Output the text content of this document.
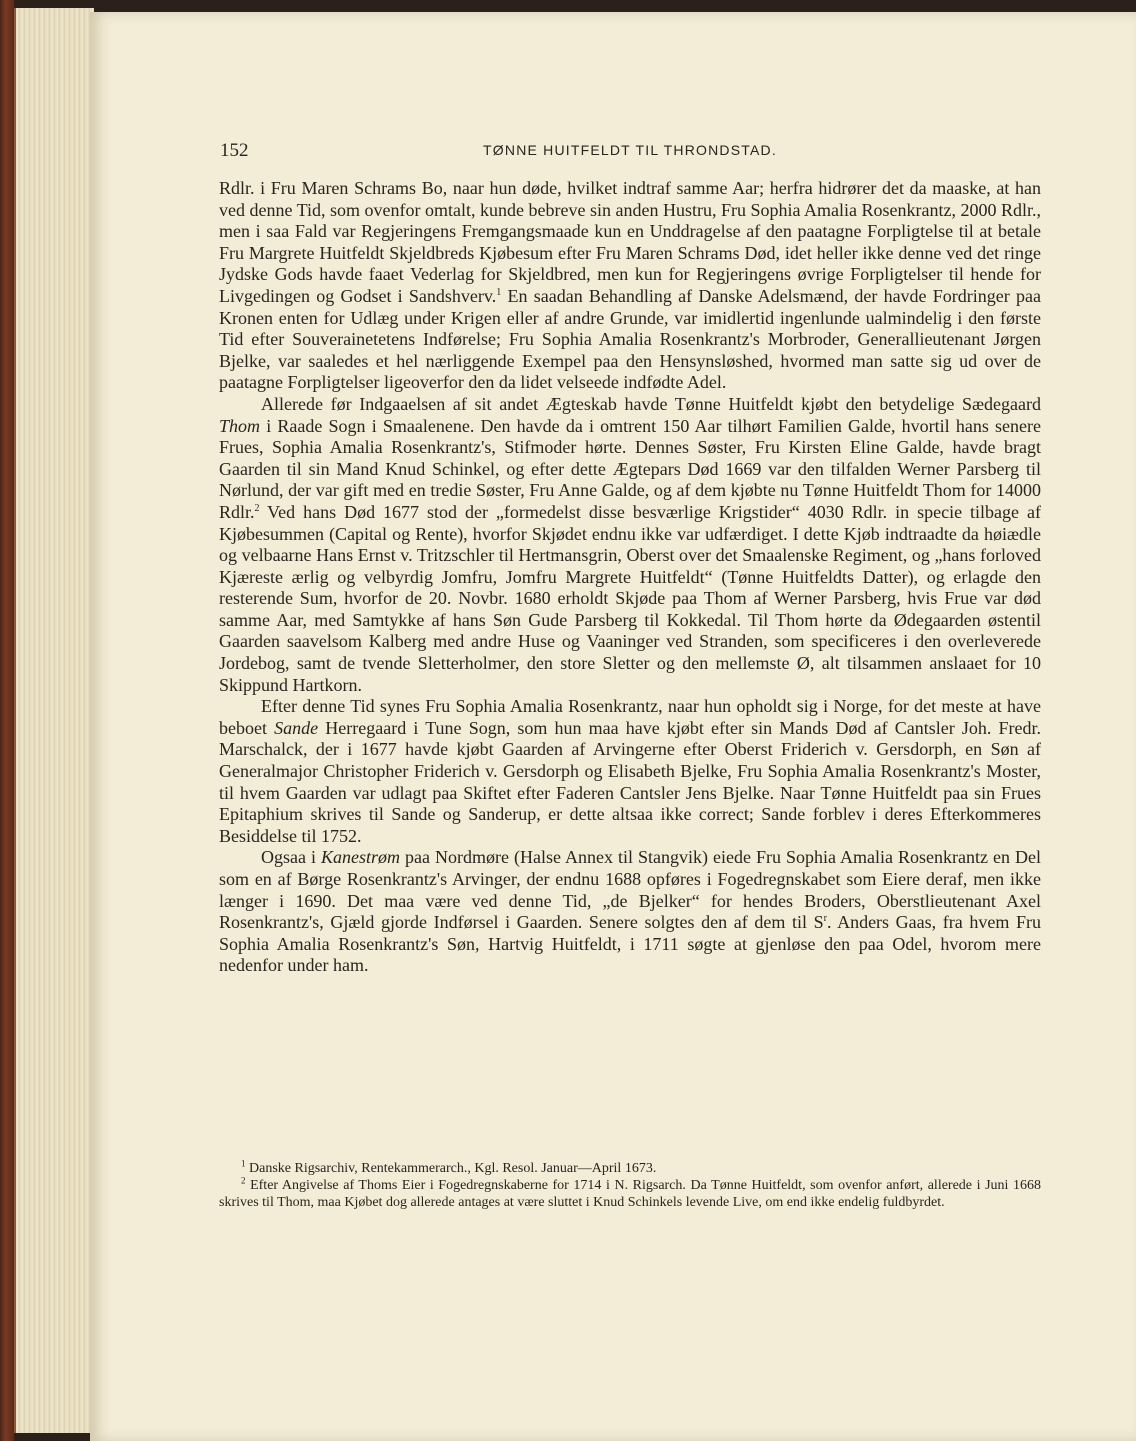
152	TØNNE HUITFELDT TIL THRONDSTAD.

Rdlr. i Fru Maren Schrams Bo, naar hun døde, hvilket indtraf samme Aar; herfra hidrører det da maaske, at han ved denne Tid, som ovenfor omtalt, kunde bebreve sin anden Hustru, Fru Sophia Amalia Rosenkrantz, 2000 Rdlr., men i saa Fald var Regjeringens Fremgangsmaade kun en Unddragelse af den paatagne Forpligtelse til at betale Fru Margrete Huitfeldt Skjeldbreds Kjøbesum efter Fru Maren Schrams Død, idet heller ikke denne ved det ringe Jydske Gods havde faaet Vederlag for Skjeldbred, men kun for Regjeringens øvrige Forpligtelser til hende for Livgedingen og Godset i Sandshverv.$^1$ En saadan Behandling af Danske Adelsmænd, der havde Fordringer paa Kronen enten for Udlæg under Krigen eller af andre Grunde, var imidlertid ingenlunde ualmindelig i den første Tid efter Souverainetetens Indførelse; Fru Sophia Amalia Rosenkrantz's Morbroder, Generallieutenant Jørgen Bjelke, var saaledes et hel nærliggende Exempel paa den Hensynsløshed, hvormed man satte sig ud over de paatagne Forpligtelser ligeoverfor den da lidet velseede indfødte Adel.

Allerede før Indgaaelsen af sit andet Ægteskab havde Tønne Huitfeldt kjøbt den betydelige Sædegaard Thom i Raade Sogn i Smaalenene. Den havde da i omtrent 150 Aar tilhørt Familien Galde, hvortil hans senere Frues, Sophia Amalia Rosenkrantz's, Stifmoder hørte. Dennes Søster, Fru Kirsten Eline Galde, havde bragt Gaarden til sin Mand Knud Schinkel, og efter dette Ægtepars Død 1669 var den tilfalden Werner Parsberg til Nørlund, der var gift med en tredie Søster, Fru Anne Galde, og af dem kjøbte nu Tønne Huitfeldt Thom for 14000 Rdlr.$^2$ Ved hans Død 1677 stod der „formedelst disse besværlige Krigstider“ 4030 Rdlr. in specie tilbage af Kjøbesummen (Capital og Rente), hvorfor Skjødet endnu ikke var udfærdiget. I dette Kjøb indtraadte da høiædle og velbaarne Hans Ernst v. Tritzschler til Hertmansgrin, Oberst over det Smaalenske Regiment, og „hans forloved Kjæreste ærlig og velbyrdig Jomfru, Jomfru Margrete Huitfeldt“ (Tønne Huitfeldts Datter), og erlagde den resterende Sum, hvorfor de 20. Novbr. 1680 erholdt Skjøde paa Thom af Werner Parsberg, hvis Frue var død samme Aar, med Samtykke af hans Søn Gude Parsberg til Kokkedal. Til Thom hørte da Ødegaarden østentil Gaarden saavelsom Kalberg med andre Huse og Vaaninger ved Stranden, som specificeres i den overleverede Jordebog, samt de tvende Sletterholmer, den store Sletter og den mellemste Ø, alt tilsammen anslaaet for 10 Skippund Hartkorn.

Efter denne Tid synes Fru Sophia Amalia Rosenkrantz, naar hun opholdt sig i Norge, for det meste at have beboet Sande Herregaard i Tune Sogn, som hun maa have kjøbt efter sin Mands Død af Cantsler Joh. Fredr. Marschalck, der i 1677 havde kjøbt Gaarden af Arvingerne efter Oberst Friderich v. Gersdorph, en Søn af Generalmajor Christopher Friderich v. Gersdorph og Elisabeth Bjelke, Fru Sophia Amalia Rosenkrantz's Moster, til hvem Gaarden var udlagt paa Skiftet efter Faderen Cantsler Jens Bjelke. Naar Tønne Huitfeldt paa sin Frues Epitaphium skrives til Sande og Sanderup, er dette altsaa ikke correct; Sande forblev i deres Efterkommeres Besiddelse til 1752.

Ogsaa i Kanestrøm paa Nordmøre (Halse Annex til Stangvik) eiede Fru Sophia Amalia Rosenkrantz en Del som en af Børge Rosenkrantz's Arvinger, der endnu 1688 opføres i Fogedregnskabet som Eiere deraf, men ikke længer i 1690. Det maa være ved denne Tid, „de Bjelker“ for hendes Broders, Oberstlieutenant Axel Rosenkrantz's, Gjæld gjorde Indførsel i Gaarden. Senere solgtes den af dem til $S^r$. Anders Gaas, fra hvem Fru Sophia Amalia Rosenkrantz's Søn, Hartvig Huitfeldt, i 1711 søgte at gjenløse den paa Odel, hvorom mere nedenfor under ham.

$^1$ Danske Rigsarchiv, Rentekammerarch., Kgl. Resol. Januar—April 1673.

$^2$ Efter Angivelse af Thoms Eier i Fogedregnskaberne for 1714 i N. Rigsarch. Da Tønne Huitfeldt, som ovenfor anført, allerede i Juni 1668 skrives til Thom, maa Kjøbet dog allerede antages at være sluttet i Knud Schinkels levende Live, om end ikke endelig fuldbyrdet.
